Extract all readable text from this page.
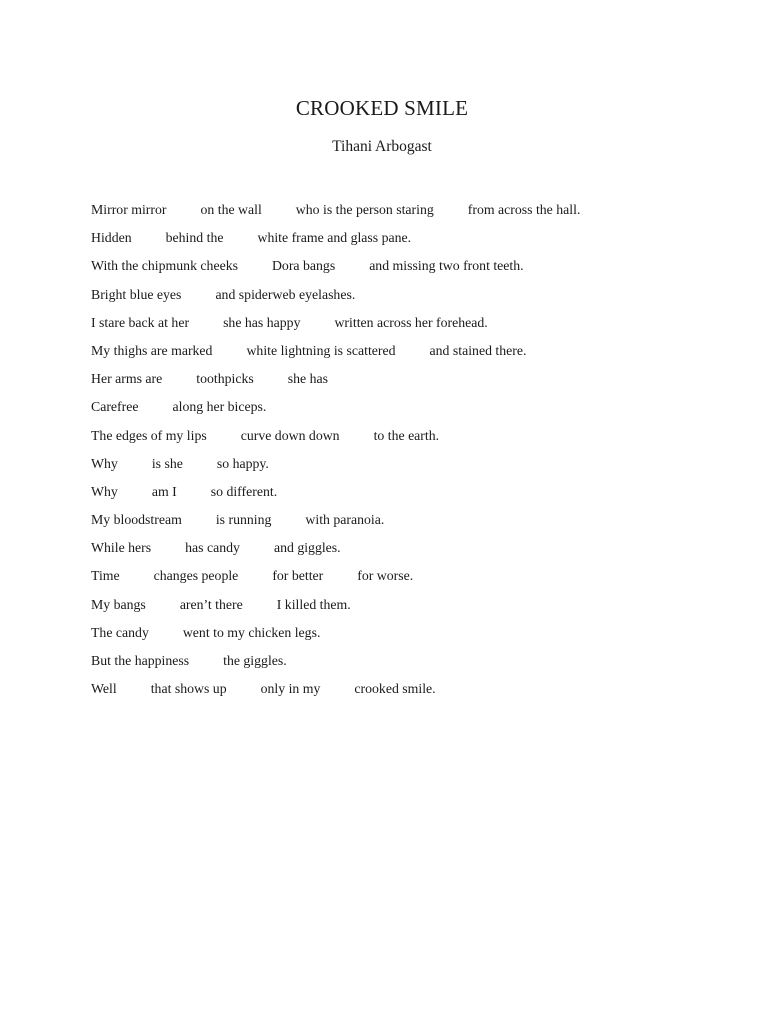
CROOKED SMILE
Tihani Arbogast
Mirror mirror on the wall who is the person staring from across the hall.
Hidden behind the white frame and glass pane.
With the chipmunk cheeks Dora bangs and missing two front teeth.
Bright blue eyes and spiderweb eyelashes.
I stare back at her she has happy written across her forehead.
My thighs are marked white lightning is scattered and stained there.
Her arms are toothpicks she has
Carefree along her biceps.
The edges of my lips curve down down to the earth.
Why is she so happy.
Why am I so different.
My bloodstream is running with paranoia.
While hers has candy and giggles.
Time changes people for better for worse.
My bangs aren’t there I killed them.
The candy went to my chicken legs.
But the happiness the giggles.
Well that shows up only in my crooked smile.
